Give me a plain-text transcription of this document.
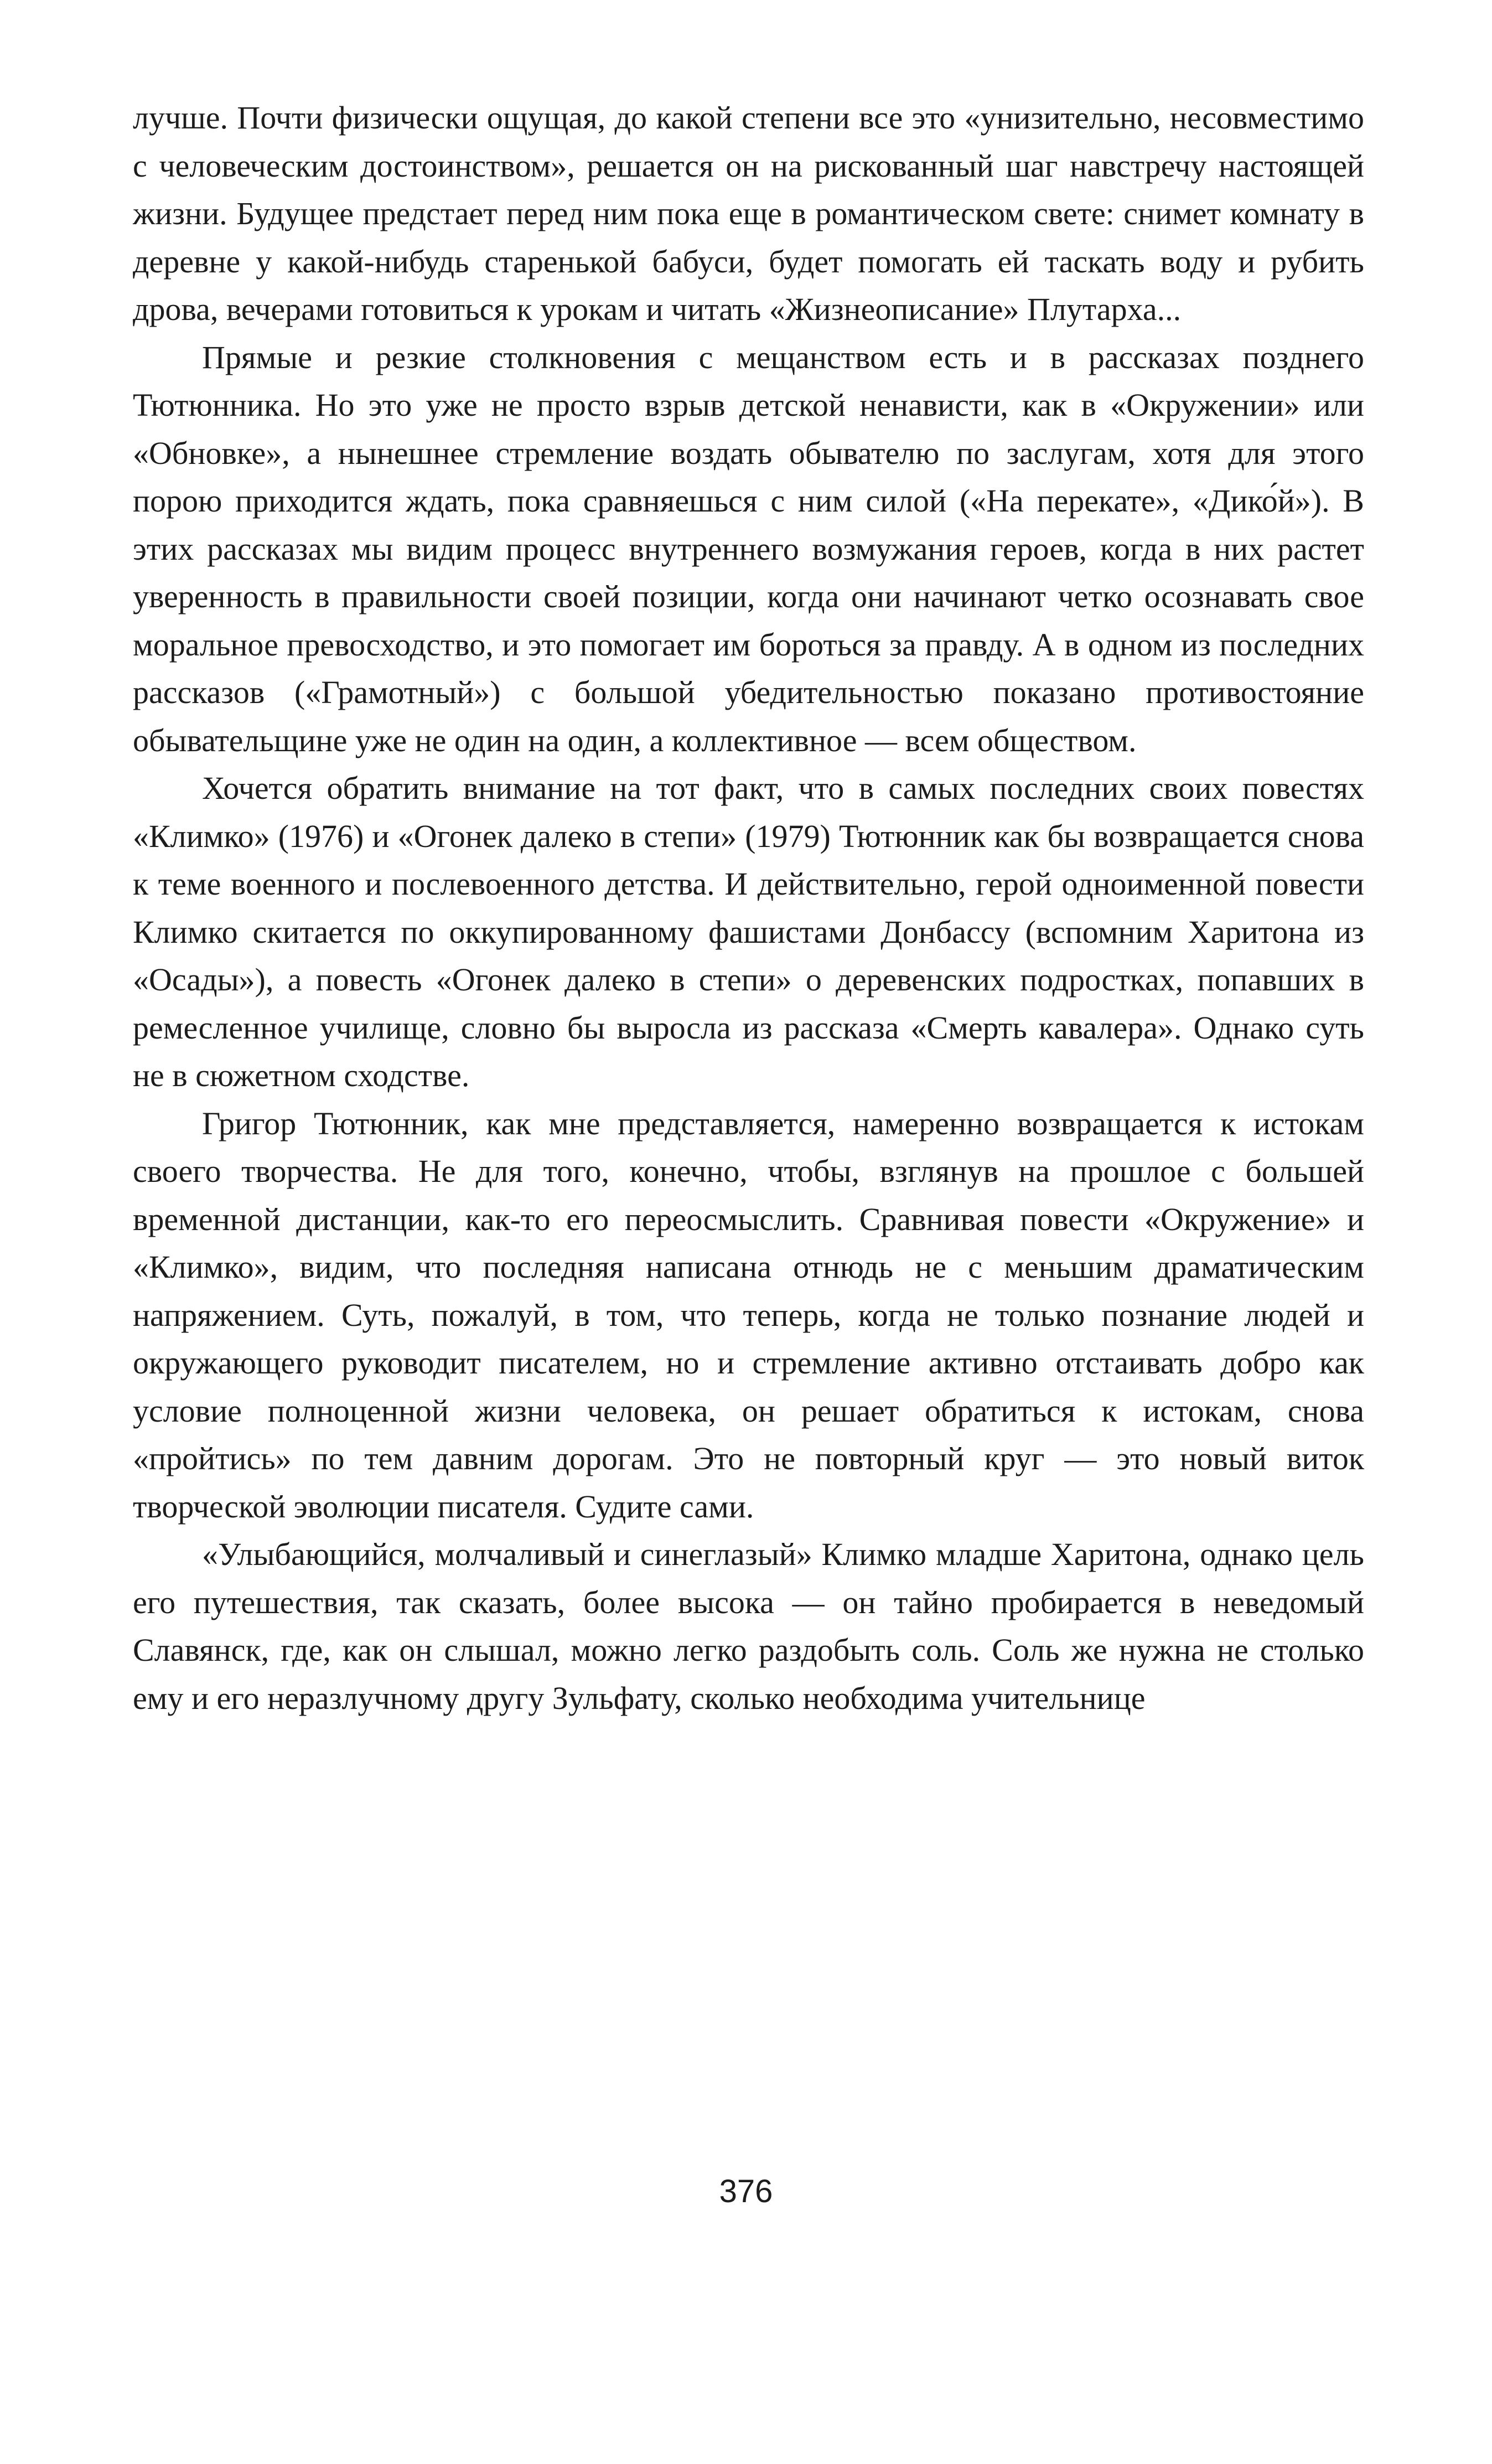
лучше. Почти физически ощущая, до какой степени все это «унизительно, несовместимо с человеческим достоинством», решается он на рискованный шаг навстречу настоящей жизни. Будущее предстает перед ним пока еще в романтическом свете: снимет комнату в деревне у какой-нибудь старенькой бабуси, будет помогать ей таскать воду и рубить дрова, вечерами готовиться к урокам и читать «Жизнеописание» Плутарха...

Прямые и резкие столкновения с мещанством есть и в рассказах позднего Тютюнника. Но это уже не просто взрыв детской ненависти, как в «Окружении» или «Обновке», а нынешнее стремление воздать обывателю по заслугам, хотя для этого порою приходится ждать, пока сравняешься с ним силой («На перекате», «Дико́й»). В этих рассказах мы видим процесс внутреннего возмужания героев, когда в них растет уверенность в правильности своей позиции, когда они начинают четко осознавать свое моральное превосходство, и это помогает им бороться за правду. А в одном из последних рассказов («Грамотный») с большой убедительностью показано противостояние обывательщине уже не один на один, а коллективное — всем обществом.

Хочется обратить внимание на тот факт, что в самых последних своих повестях «Климко» (1976) и «Огонек далеко в степи» (1979) Тютюнник как бы возвращается снова к теме военного и послевоенного детства. И действительно, герой одноименной повести Климко скитается по оккупированному фашистами Донбассу (вспомним Харитона из «Осады»), а повесть «Огонек далеко в степи» о деревенских подростках, попавших в ремесленное училище, словно бы выросла из рассказа «Смерть кавалера». Однако суть не в сюжетном сходстве.

Григор Тютюнник, как мне представляется, намеренно возвращается к истокам своего творчества. Не для того, конечно, чтобы, взглянув на прошлое с большей временной дистанции, как-то его переосмыслить. Сравнивая повести «Окружение» и «Климко», видим, что последняя написана отнюдь не с меньшим драматическим напряжением. Суть, пожалуй, в том, что теперь, когда не только познание людей и окружающего руководит писателем, но и стремление активно отстаивать добро как условие полноценной жизни человека, он решает обратиться к истокам, снова «пройтись» по тем давним дорогам. Это не повторный круг — это новый виток творческой эволюции писателя. Судите сами.

«Улыбающийся, молчаливый и синеглазый» Климко младше Харитона, однако цель его путешествия, так сказать, более высока — он тайно пробирается в неведомый Славянск, где, как он слышал, можно легко раздобыть соль. Соль же нужна не столько ему и его неразлучному другу Зульфату, сколько необходима учительнице

376
